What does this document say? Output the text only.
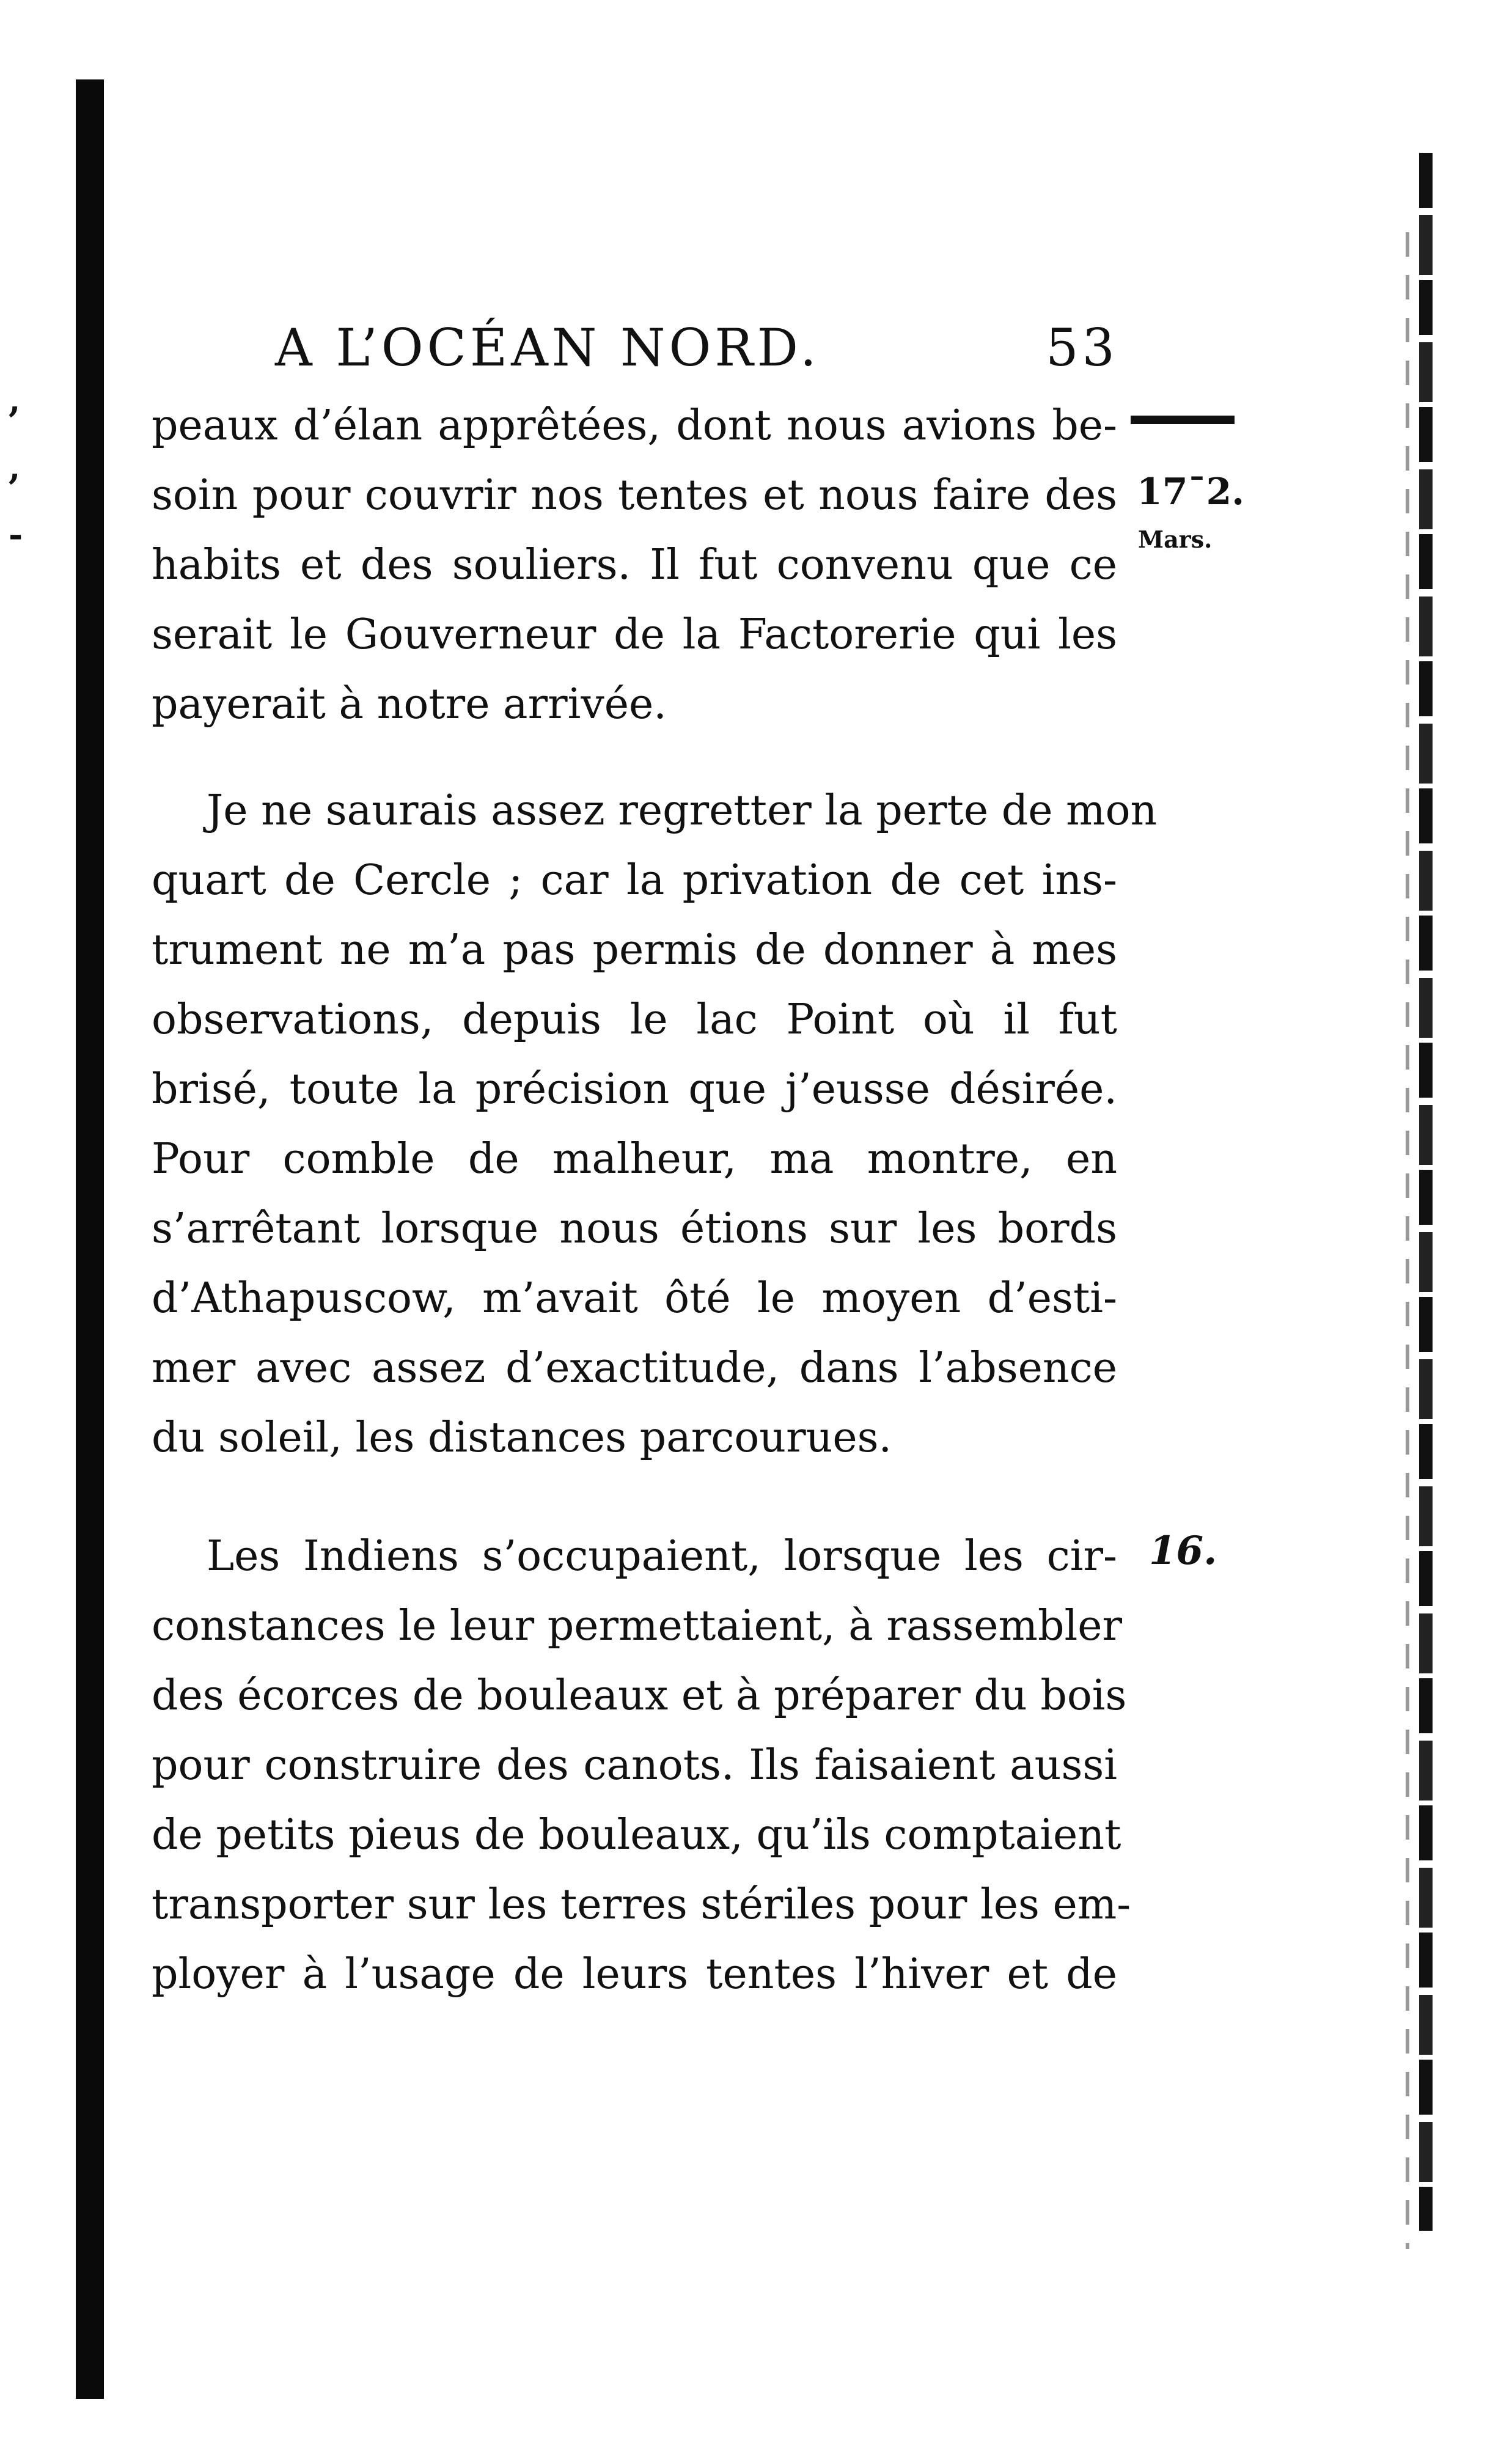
,
,
-
A L’OCÉAN NORD.	53
17¯2.
Mars.
16.
peaux d’élan apprêtées, dont nous avions be-
soin pour couvrir nos tentes et nous faire des
habits et des souliers. Il fut convenu que ce
serait le Gouverneur de la Factorerie qui les
payerait à notre arrivée.
Je ne saurais assez regretter la perte de mon
quart de Cercle ; car la privation de cet ins-
trument ne m’a pas permis de donner à mes
observations, depuis le lac Point où il fut
brisé, toute la précision que j’eusse désirée.
Pour comble de malheur, ma montre, en
s’arrêtant lorsque nous étions sur les bords
d’Athapuscow, m’avait ôté le moyen d’esti-
mer avec assez d’exactitude, dans l’absence
du soleil, les distances parcourues.
Les Indiens s’occupaient, lorsque les cir-
constances le leur permettaient, à rassembler
des écorces de bouleaux et à préparer du bois
pour construire des canots. Ils faisaient aussi
de petits pieus de bouleaux, qu’ils comptaient
transporter sur les terres stériles pour les em-
ployer à l’usage de leurs tentes l’hiver et de
